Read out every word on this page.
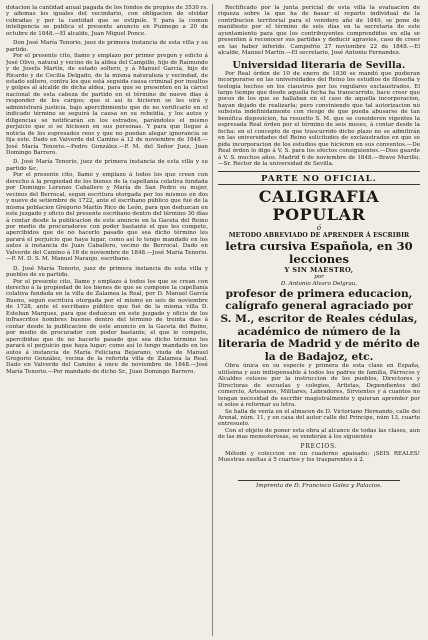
dotacion la cantidad anual pagada de los fondos de propios de 3530 rs. y ademas los iguales del vecindario, con obligacion de olvidar cobradas y por la cantidad que se estipule. Y para la comun inteligencia se publica el presente anuncio en Puimego a 20 de octubre de 1848.—El alcalde, Juan Miguel Ponce.

Don José María Tenorio, juez de primera instancia de esta villa y su partido.

Por el presente cito, llamo y emplazo por primer pregon y edicto á José Olivo, natural y vecino de la aldea del Campillo, hijo de Raimundo y de Josefa Martín, de estado soltero, y á Manuel García, hijo de Ricardo y de Cecilia Delgado, de la misma naturaleza y vecindad, de estado soltero, contra los que está seguida causa criminal por insultos y golpes al alcalde de dicha aldea, para que se presenten en la cárcel nacional de esta cabeza de partido en el término de nueve dias á responder de los cargos; que si así lo hicieren se les oirá y administrará justicia, bajo apercibimiento que de no verificarlo en el indicado término se seguirá la causa en su rebeldía, y los autos y diligencias se notificarán en los estrados, parándoles el mismo perjuicio que si se hiciesen en sus personas. Y para que llegue á noticia de los espresados reos y que no puedan alegar ignorancia se fija este. Dado en Valverde del Camino á 12 de noviembre de 1848.—José María Tenorio.—Pedro González.—P. M. del Señor Juez, Juan Domingo Barrero.

D. José María Tenorio, juez de primera instancia de esta villa y su partido &c.

Por el presente cito, llamo y emplazo á todos los que creen con derecho á la propiedad de los bienes de la capellanía colativa fundada por Domingo Lorenzo Caballero y María de San Pedro su mujer, vecinos del Berrocal, segun escritura otorgada por los mismos en dos y nueve de setiembre de 1722, ante el escribano público que fué de la misma poblacion Gregorio Martín Rico de León, para que deduzcan en este juzgado y oficio del presente escribano dentro del término 30 días á contar desde la publicacion de este anuncio en la Gaceta del Reino por medio de procuradores con poder bastante el que les compete, apercibidos que de no hacerlo pasado que sea dicho término les parará el perjuicio que haya lugar, como así lo tengo mandado en los autos á instancia de Juan Caballero, vecino de Berrocal. Dado en Valverde del Camino á 16 de noviembre de 1848.—José María Tenorio.—P. M. D. S. M. Manuel Naranjo, escribano.

D. José María Tenorio, juez de primera instancia de esta villa y pueblos de su partido.

Por el presente cito, llamo y emplazo á todos los que se crean con derecho á la propiedad de los bienes de que se compone la capellanía colativa fundada en la villa de Zalamea la Real, por D. Manuel García Bueno, segun escritura otorgada por el mismo en seis de noviembre de 1728, ante el escribano público que fué de la misma villa D. Esteban Marques, para que deduzcan en este juzgado y oficio de los infrascritos hombres buenos dentro del término de treinta días á contar desde la publicacion de este anuncio en la Gaceta del Reino, por medio de procurador con poder bastante, el que le compete, apercibidas que de no hacerlo pasado que sea dicho término les parará el perjuicio que haya lugar; como así lo tengo mandado en los autos á instancia de María Feliciana Bejarano, viuda de Manuel Gregorio González, vecina de la referida villa de Zalamea la Real. Dado en Valverde del Camino á once de noviembre de 1848.—José María Tenorio.—Por mandado de dicho Sr., Juan Domingo Barrero.

Rectificado por la junta pericial de esta villa la evaluacion de riqueza sobre la que ha de basar el reparto individual de la contribucion territorial para el venidero año de 1849, se pone de manifiesto por el término de seis días en la secretaría de este ayuntamiento para que los contribuyentes comprendidos en ella se presenten á reconocer sus partidas y deducir agravios, caso de creer en las haber inferido. Campofrío 27 noviembre 22 de 1848.—El alcalde, Manuel Martín.—El secretario, José Antonio Fernandez.

Universidad literaria de Sevilla.

Por Real órden de 10 de enero de 1836 se mandó que pudieran incorporarse en las universidades del Reino los estudios de filosofía y teología hechos en los claustros por los regulares exclaustrados. El largo tiempo que desde aquella fecha ha transcurrido, hace creer que pocos de los que se hallaban en el caso de aquella incorporacion, hayan dejado de realizarla; pero conviniendo que tal autorizacion no subsista indefinidamente con riesgo de que pueda abusarse de tan benéfica disposicion, ha resuelto S. M. que se consideren vigentes la espresada Real órden por el término de seis meses, á contar desde la fecha; en el concepto de que trascurrido dicho plazo no se admitirán en las universidades del Reino solicitudes de exclaustrados en que se pida incorporacion de los estudios que hicieron en sus conventos.—De Real órden lo digo á V. S. para los efectos consiguientes.—Dios guarde á V. S. muchos años. Madrid 6 de noviembre de 1848.—Bravo Murillo.—Sr. Rector de la universidad de Sevilla.

PARTE NO OFICIAL.
CALIGRAFIA POPULAR
ó
METODO ABREVIADO DE APRENDER Á ESCRIBIR
letra cursiva Española, en 30 lecciones
Y SIN MAESTRO,
por
D. Antonio Alvaro Delgrau,
profesor de primera educacion, calígrafo general agraciado por S. M., escritor de Reales cédulas, académico de número de la literaria de Madrid y de mérito de la de Badajoz, etc.

Obra única en su especie y primera de esta clase en España, utilísima y aun indispensable á todos los padres de familia, Párrocos y Alcaldes celosos por la instruccion de los pueblos, Directores y Directoras de escuelas y colegios, Artistas, Dependientes del comercio, Artesanos, Militares, Labradores, Sirvientes y á cuantos no tengan necesidad de escribir magistralmente y quieran aprender por sí solos á reformar su letra.

Se halla de venta en el almacen de D. Victoriano Hernando, calle del Arenal, núm. 11, y en casa del autor calle del Príncipe, núm 13, cuarto entresuelo.

Con el objeto de poner esta obra al alcance de todas las clases, aun de las mas menesterosas, se venderán á los siguientes

PRECIOS.

Método y coleccion en un cuaderno apaisado: ¡SEIS REALES! Muestras sueltas á 5 cuartos y los trasparentes á 2.

Imprenta de D. Francisco Galez y Palacios.
